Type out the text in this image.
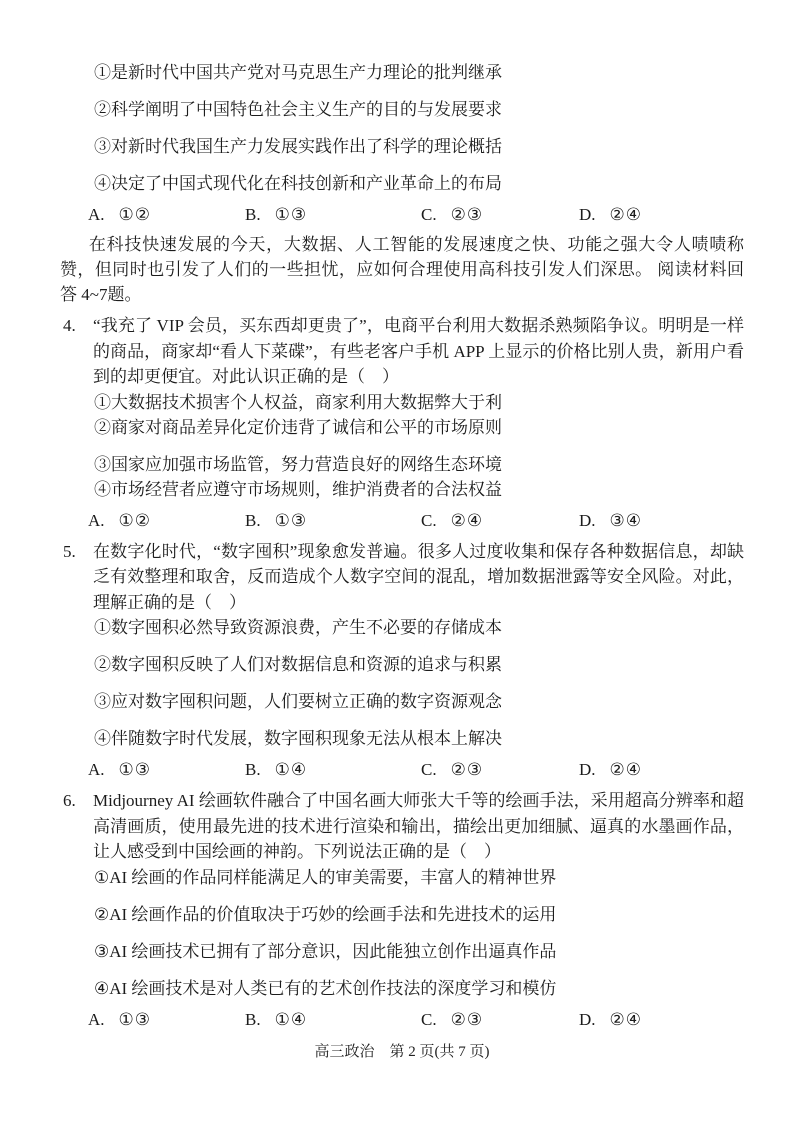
①是新时代中国共产党对马克思生产力理论的批判继承
②科学阐明了中国特色社会主义生产的目的与发展要求
③对新时代我国生产力发展实践作出了科学的理论概括
④决定了中国式现代化在科技创新和产业革命上的布局
A. ①②	B. ①③	C. ②③	D. ②④

在科技快速发展的今天，大数据、人工智能的发展速度之快、功能之强大令人啧啧称赞，但同时也引发了人们的一些担忧，应如何合理使用高科技引发人们深思。 阅读材料回答 4~7题。

4.	“我充了 VIP 会员，买东西却更贵了”，电商平台利用大数据杀熟频陷争议。明明是一样的商品，商家却“看人下菜碟”，有些老客户手机 APP 上显示的价格比别人贵，新用户看到的却更便宜。对此认识正确的是（　）
①大数据技术损害个人权益，商家利用大数据弊大于利
②商家对商品差异化定价违背了诚信和公平的市场原则
③国家应加强市场监管，努力营造良好的网络生态环境
④市场经营者应遵守市场规则，维护消费者的合法权益
A. ①②	B. ①③	C. ②④	D. ③④
5.	在数字化时代，“数字囤积”现象愈发普遍。很多人过度收集和保存各种数据信息，却缺乏有效整理和取舍，反而造成个人数字空间的混乱，增加数据泄露等安全风险。对此，理解正确的是（　）
①数字囤积必然导致资源浪费，产生不必要的存储成本
②数字囤积反映了人们对数据信息和资源的追求与积累
③应对数字囤积问题，人们要树立正确的数字资源观念
④伴随数字时代发展，数字囤积现象无法从根本上解决
A. ①③	B. ①④	C. ②③	D. ②④
6.	Midjourney AI 绘画软件融合了中国名画大师张大千等的绘画手法，采用超高分辨率和超高清画质，使用最先进的技术进行渲染和输出，描绘出更加细腻、逼真的水墨画作品，让人感受到中国绘画的神韵。下列说法正确的是（　）
①AI 绘画的作品同样能满足人的审美需要，丰富人的精神世界
②AI 绘画作品的价值取决于巧妙的绘画手法和先进技术的运用
③AI 绘画技术已拥有了部分意识，因此能独立创作出逼真作品
④AI 绘画技术是对人类已有的艺术创作技法的深度学习和模仿
A. ①③	B. ①④	C. ②③	D. ②④
高三政治　第 2 页(共 7 页)
